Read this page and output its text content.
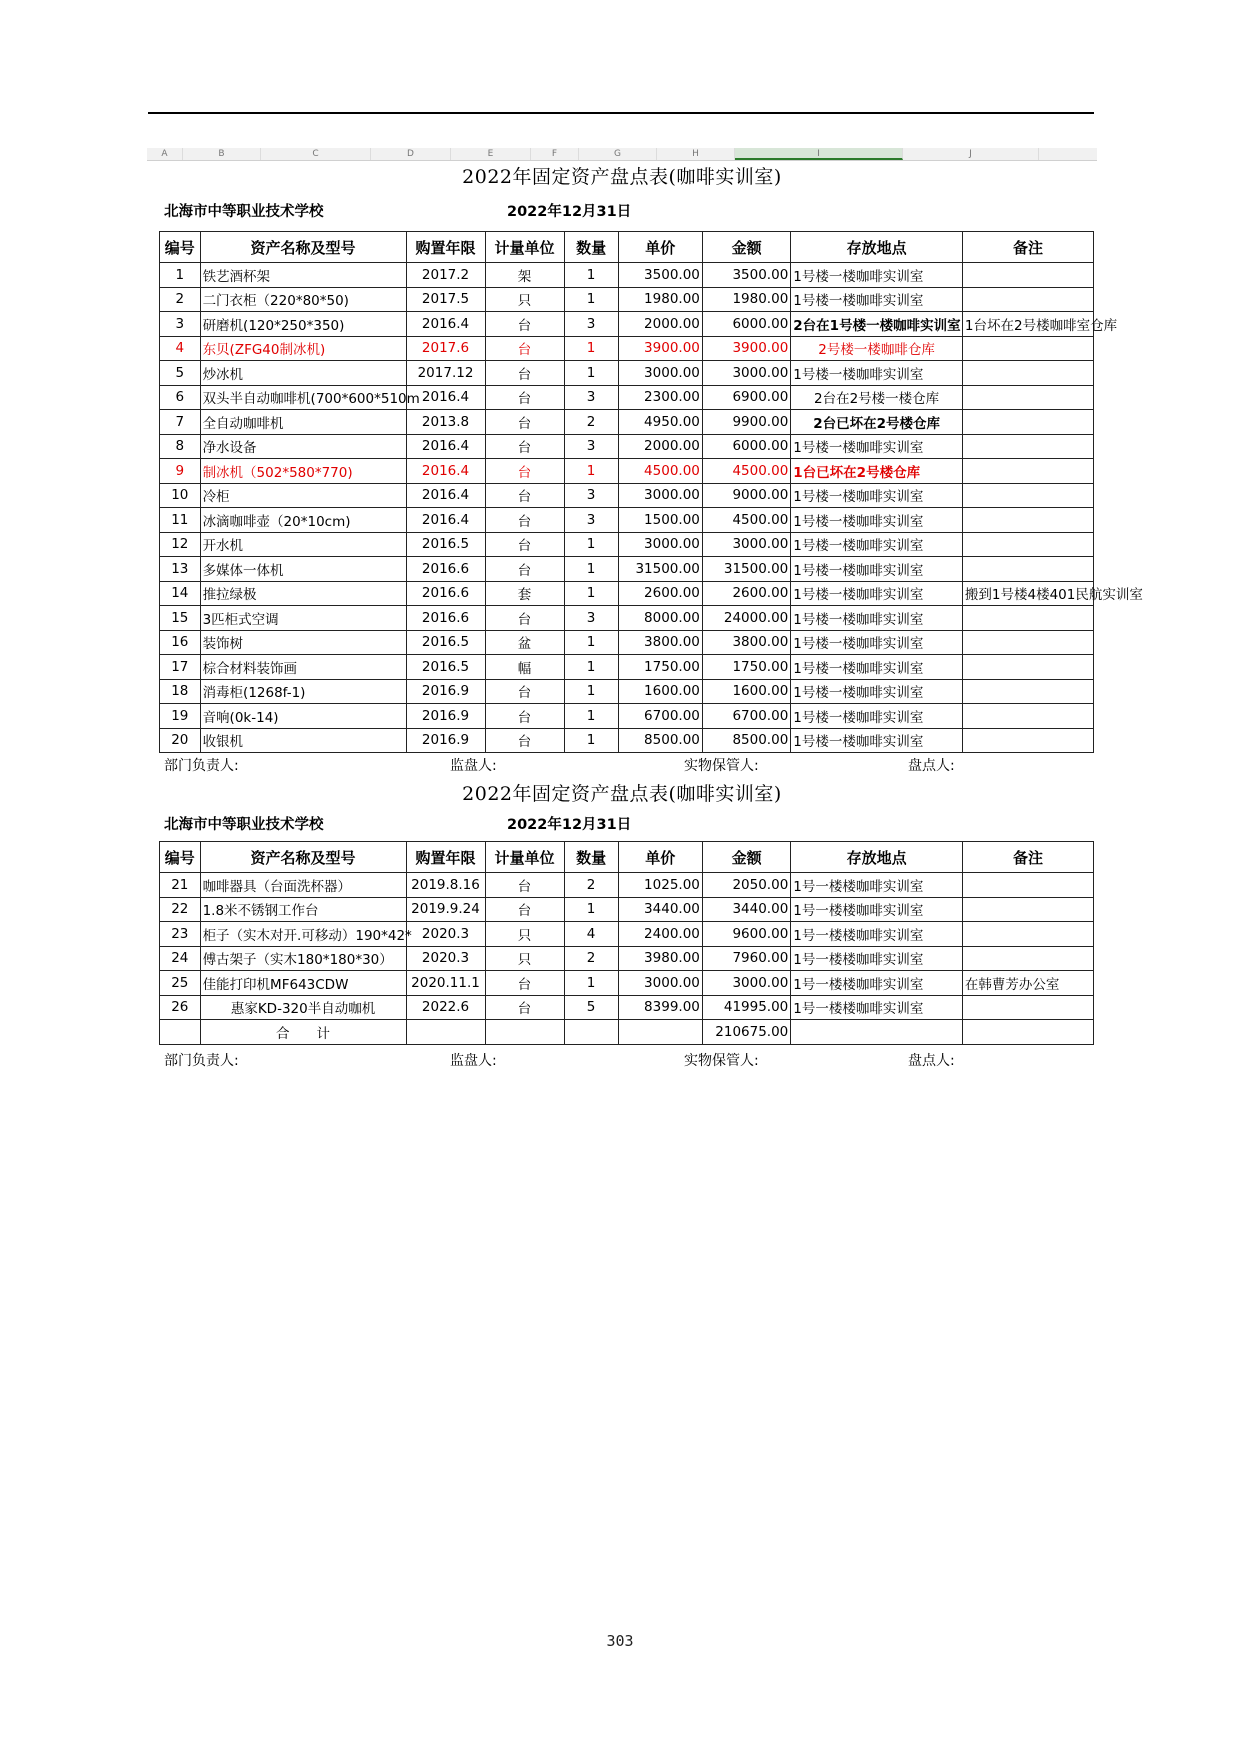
A	B	C	D	E	F	G	H	I	J
2022年固定资产盘点表(咖啡实训室)
北海市中等职业技术学校	2022年12月31日
编号	资产名称及型号	购置年限	计量单位	数量	单价	金额	存放地点	备注
1	铁艺酒杯架	2017.2	架	1	3500.00	3500.00	1号楼一楼咖啡实训室	
2	二门衣柜（220*80*50)	2017.5	只	1	1980.00	1980.00	1号楼一楼咖啡实训室	
3	研磨机(120*250*350)	2016.4	台	3	2000.00	6000.00	2台在1号楼一楼咖啡实训室	1台坏在2号楼咖啡室仓库
4	东贝(ZFG40制冰机)	2017.6	台	1	3900.00	3900.00	2号楼一楼咖啡仓库	
5	炒冰机	2017.12	台	1	3000.00	3000.00	1号楼一楼咖啡实训室	
6	双头半自动咖啡机(700*600*510m	2016.4	台	3	2300.00	6900.00	2台在2号楼一楼仓库	
7	全自动咖啡机	2013.8	台	2	4950.00	9900.00	2台已坏在2号楼仓库	
8	净水设备	2016.4	台	3	2000.00	6000.00	1号楼一楼咖啡实训室	
9	制冰机（502*580*770)	2016.4	台	1	4500.00	4500.00	1台已坏在2号楼仓库	
10	冷柜	2016.4	台	3	3000.00	9000.00	1号楼一楼咖啡实训室	
11	冰滴咖啡壶（20*10cm)	2016.4	台	3	1500.00	4500.00	1号楼一楼咖啡实训室	
12	开水机	2016.5	台	1	3000.00	3000.00	1号楼一楼咖啡实训室	
13	多媒体一体机	2016.6	台	1	31500.00	31500.00	1号楼一楼咖啡实训室	
14	推拉绿极	2016.6	套	1	2600.00	2600.00	1号楼一楼咖啡实训室	搬到1号楼4楼401民航实训室
15	3匹柜式空调	2016.6	台	3	8000.00	24000.00	1号楼一楼咖啡实训室	
16	装饰树	2016.5	盆	1	3800.00	3800.00	1号楼一楼咖啡实训室	
17	棕合材料装饰画	2016.5	幅	1	1750.00	1750.00	1号楼一楼咖啡实训室	
18	消毒柜(1268f-1)	2016.9	台	1	1600.00	1600.00	1号楼一楼咖啡实训室	
19	音响(0k-14)	2016.9	台	1	6700.00	6700.00	1号楼一楼咖啡实训室	
20	收银机	2016.9	台	1	8500.00	8500.00	1号楼一楼咖啡实训室	
部门负责人:	监盘人:	实物保管人:	盘点人:
2022年固定资产盘点表(咖啡实训室)
北海市中等职业技术学校	2022年12月31日
编号	资产名称及型号	购置年限	计量单位	数量	单价	金额	存放地点	备注
21	咖啡器具（台面洗杯器）	2019.8.16	台	2	1025.00	2050.00	1号一楼楼咖啡实训室	
22	1.8米不锈钢工作台	2019.9.24	台	1	3440.00	3440.00	1号一楼楼咖啡实训室	
23	柜子（实木对开.可移动）190*42*	2020.3	只	4	2400.00	9600.00	1号一楼楼咖啡实训室	
24	傅古架子（实木180*180*30）	2020.3	只	2	3980.00	7960.00	1号一楼楼咖啡实训室	
25	佳能打印机MF643CDW	2020.11.1	台	1	3000.00	3000.00	1号一楼楼咖啡实训室	在韩曹芳办公室
26	惠家KD-320半自动咖机	2022.6	台	5	8399.00	41995.00	1号一楼楼咖啡实训室	
	合　　计					210675.00		
部门负责人:	监盘人:	实物保管人:	盘点人:
303
